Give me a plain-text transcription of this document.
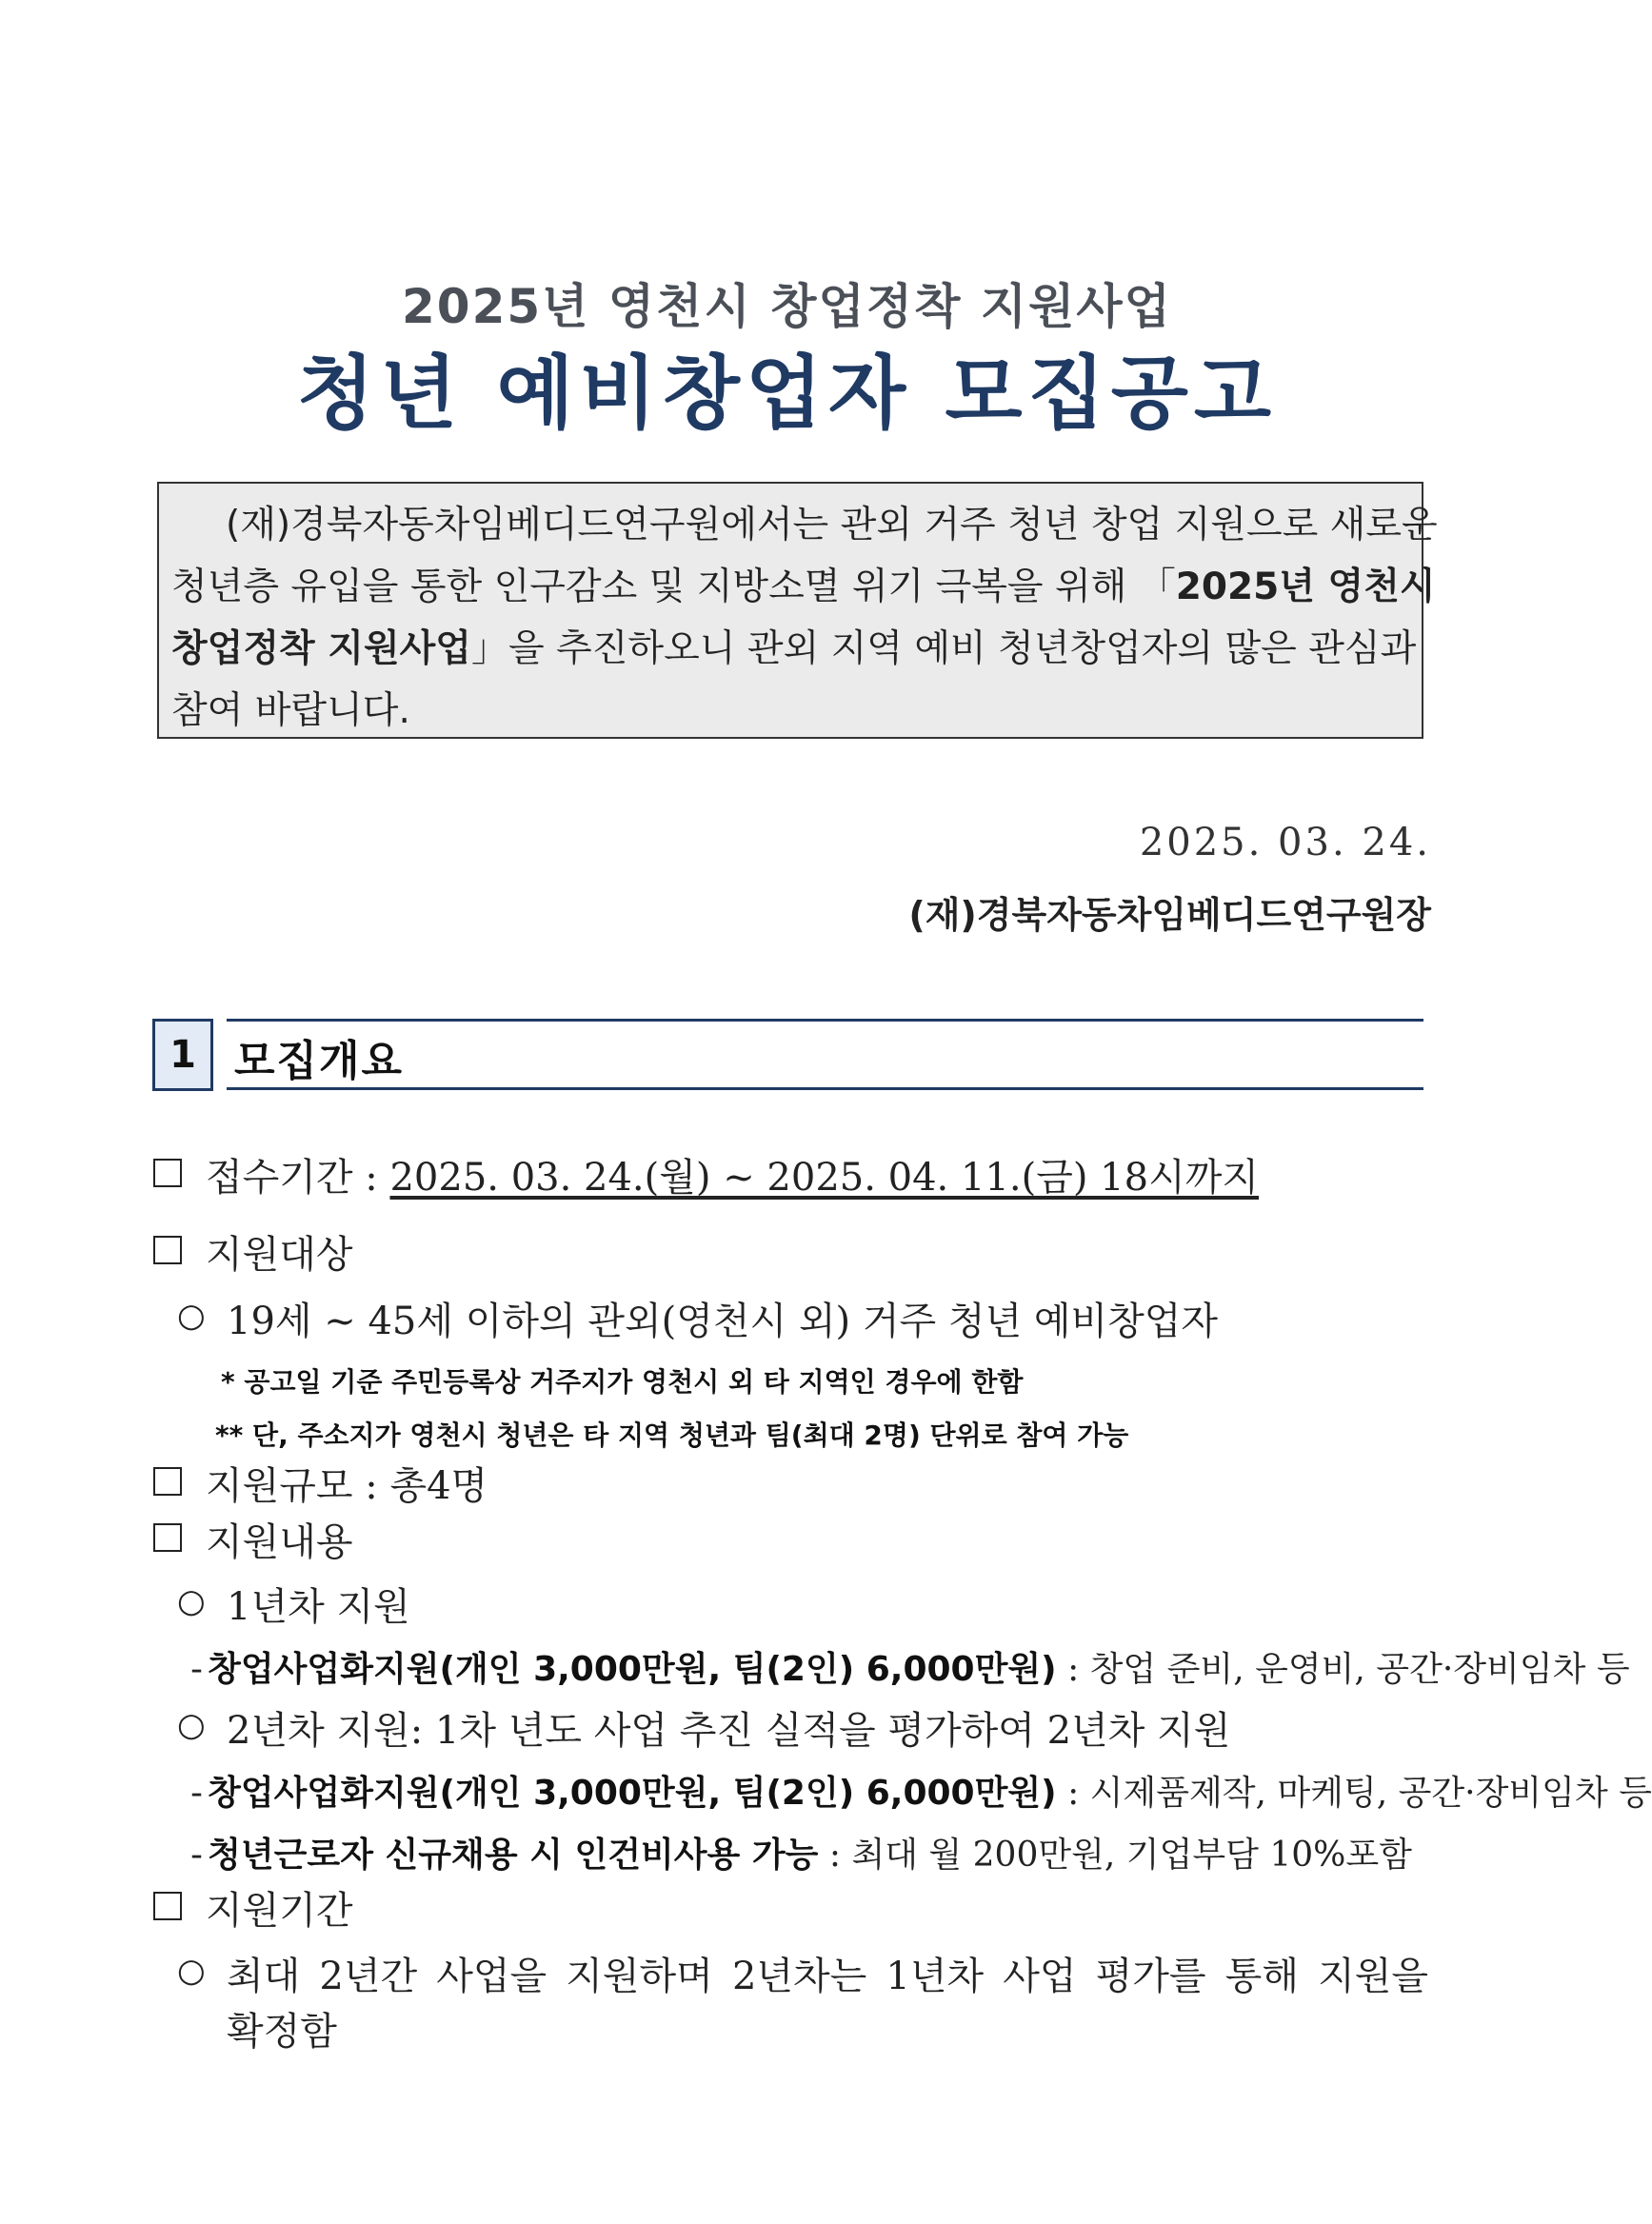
2025년 영천시 창업정착 지원사업
청년 예비창업자 모집공고
(재)경북자동차임베디드연구원에서는 관외 거주 청년 창업 지원으로 새로운
청년층 유입을 통한 인구감소 및 지방소멸 위기 극복을 위해 「2025년 영천시
창업정착 지원사업」을 추진하오니 관외 지역 예비 청년창업자의 많은 관심과
참여 바랍니다.
2025. 03. 24.
(재)경북자동차임베디드연구원장
1 모집개요
접수기간 : 2025. 03. 24.(월) ~ 2025. 04. 11.(금) 18시까지
지원대상
○ 19세 ~ 45세 이하의 관외(영천시 외) 거주 청년 예비창업자
* 공고일 기준 주민등록상 거주지가 영천시 외 타 지역인 경우에 한함
** 단, 주소지가 영천시 청년은 타 지역 청년과 팀(최대 2명) 단위로 참여 가능
지원규모 : 총4명
지원내용
○ 1년차 지원
- 창업사업화지원(개인 3,000만원, 팀(2인) 6,000만원) : 창업 준비, 운영비, 공간·장비임차 등
○ 2년차 지원: 1차 년도 사업 추진 실적을 평가하여 2년차 지원
- 창업사업화지원(개인 3,000만원, 팀(2인) 6,000만원) : 시제품제작, 마케팅, 공간·장비임차 등
- 청년근로자 신규채용 시 인건비사용 가능 : 최대 월 200만원, 기업부담 10%포함
지원기간
○ 최대 2년간 사업을 지원하며 2년차는 1년차 사업 평가를 통해 지원을
확정함
